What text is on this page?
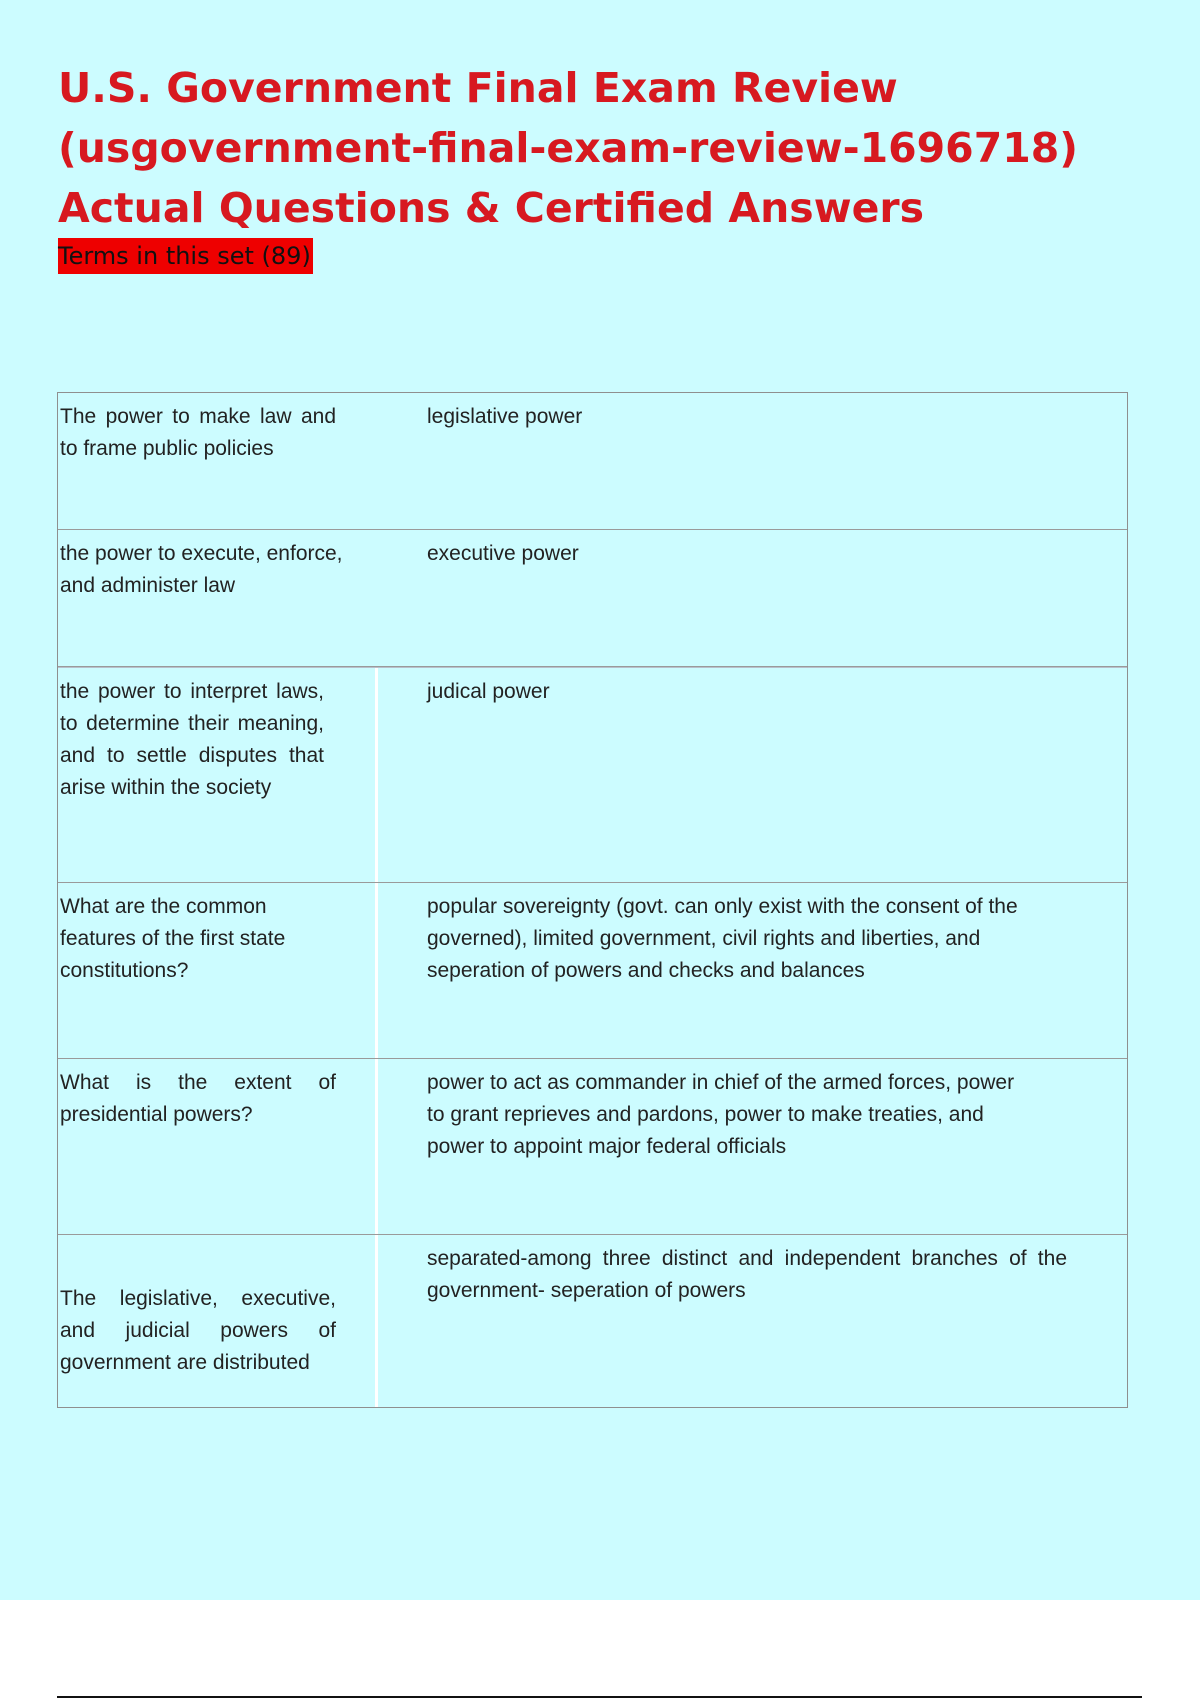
U.S. Government Final Exam Review
(usgovernment-final-exam-review-1696718)
Actual Questions & Certified Answers
Terms in this set (89)
The power to make law and to frame public policies
legislative power
the power to execute, enforce, and administer law
executive power
the power to interpret laws, to determine their meaning, and to settle disputes that arise within the society
judical power
What are the common features of the first state constitutions?
popular sovereignty (govt. can only exist with the consent of the governed), limited government, civil rights and liberties, and seperation of powers and checks and balances
What is the extent of presidential powers?
power to act as commander in chief of the armed forces, power to grant reprieves and pardons, power to make treaties, and power to appoint major federal officials
The legislative, executive, and judicial powers of government are distributed
separated-among three distinct and independent branches of the government- seperation of powers
